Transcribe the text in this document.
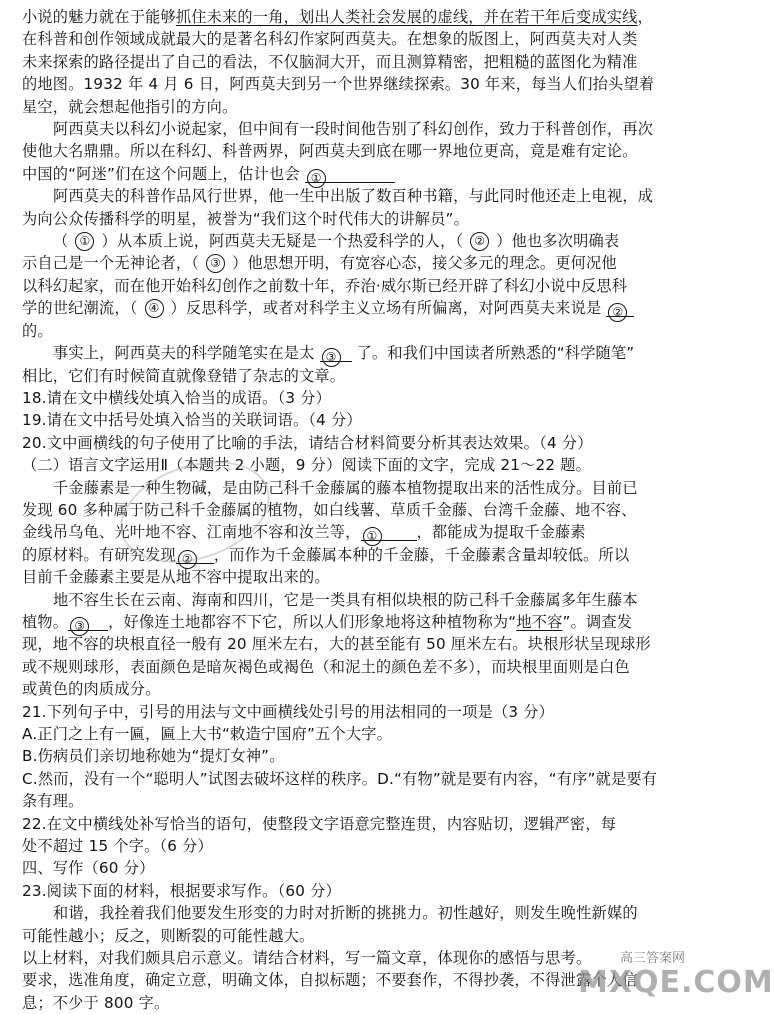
小说的魅力就在于能够抓住未来的一角，划出人类社会发展的虚线，并在若干年后变成实线，
在科普和创作领域成就最大的是著名科幻作家阿西莫夫。在想象的版图上，阿西莫夫对人类
未来探索的路径提出了自己的看法，不仅脑洞大开，而且测算精密，把粗糙的蓝图化为精准
的地图。1932 年 4 月 6 日，阿西莫夫到另一个世界继续探索。30 年来，每当人们抬头望着
星空，就会想起他指引的方向。
阿西莫夫以科幻小说起家，但中间有一段时间他告别了科幻创作，致力于科普创作，再次
使他大名鼎鼎。所以在科幻、科普两界，阿西莫夫到底在哪一界地位更高，竟是难有定论。
中国的“阿迷”们在这个问题上，估计也会 ①
阿西莫夫的科普作品风行世界，他一生中出版了数百种书籍，与此同时他还走上电视，成
为向公众传播科学的明星，被誉为“我们这个时代伟大的讲解员”。
（ ① ）从本质上说，阿西莫夫无疑是一个热爱科学的人，（ ② ）他也多次明确表
示自己是一个无神论者，（ ③ ）他思想开明，有宽容心态，接父多元的理念。更何况他
以科幻起家，而在他开始科幻创作之前数十年，乔治·威尔斯已经开辟了科幻小说中反思科
学的世纪潮流，（ ④ ）反思科学，或者对科学主义立场有所偏离，对阿西莫夫来说是 ②
的。
事实上，阿西莫夫的科学随笔实在是太 ③ 了。和我们中国读者所熟悉的“科学随笔”
相比，它们有时候简直就像登错了杂志的文章。
18.请在文中横线处填入恰当的成语。（3 分）
19.请在文中括号处填入恰当的关联词语。（4 分）
20.文中画横线的句子使用了比喻的手法，请结合材料简要分析其表达效果。（4 分）
（二）语言文字运用Ⅱ（本题共 2 小题，9 分）阅读下面的文字，完成 21～22 题。
千金藤素是一种生物碱，是由防己科千金藤属的藤本植物提取出来的活性成分。目前已
发现 60 多种属于防己科千金藤属的植物，如白线薯、草质千金藤、台湾千金藤、地不容、
金线吊乌龟、光叶地不容、江南地不容和汝兰等， ①	，都能成为提取千金藤素
的原材料。有研究发现 ② ，而作为千金藤属本种的千金藤，千金藤素含量却较低。所以
目前千金藤素主要是从地不容中提取出来的。
地不容生长在云南、海南和四川，它是一类具有相似块根的防己科千金藤属多年生藤本
植物。 ③ ，好像连土地都容不下它，所以人们形象地将这种植物称为“地不容”。调查发
现，地不容的块根直径一般有 20 厘米左右，大的甚至能有 50 厘米左右。块根形状呈现球形
或不规则球形，表面颜色是暗灰褐色或褐色（和泥土的颜色差不多），而块根里面则是白色
或黄色的肉质成分。
21.下列句子中，引号的用法与文中画横线处引号的用法相同的一项是（3 分）
A.正门之上有一匾，匾上大书“敕造宁国府”五个大字。
B.伤病员们亲切地称她为“提灯女神”。
C.然而，没有一个“聪明人”试图去破坏这样的秩序。D.“有物”就是要有内容，“有序”就是要有
条有理。
22.在文中横线处补写恰当的语句，使整段文字语意完整连贯，内容贴切，逻辑严密，每
处不超过 15 个字。（6 分）
四、写作（60 分）
23.阅读下面的材料，根据要求写作。（60 分）
和谐，我拴着我们他要发生形变的力时对折断的挑挑力。初性越好，则发生晚性新媒的
可能性越小；反之，则断裂的可能性越大。
以上材料，对我们颇具启示意义。请结合材料，写一篇文章，体现你的感悟与思考。
要求，选准角度，确定立意，明确文体，自拟标题；不要套作，不得抄袭，不得泄露个人信
息；不少于 800 字。
高三答案网
MXQE.COM
